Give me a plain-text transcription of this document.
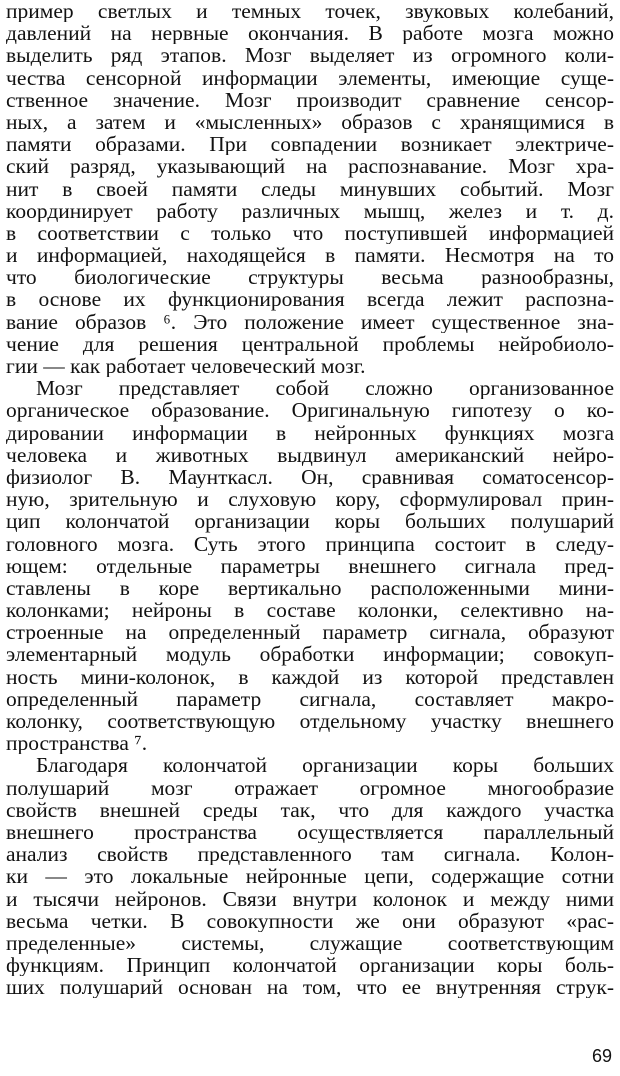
пример светлых и темных точек, звуковых колебаний,
давлений на нервные окончания. В работе мозга можно
выделить ряд этапов. Мозг выделяет из огромного коли-
чества сенсорной информации элементы, имеющие суще-
ственное значение. Мозг производит сравнение сенсор-
ных, а затем и «мысленных» образов с хранящимися в
памяти образами. При совпадении возникает электриче-
ский разряд, указывающий на распознавание. Мозг хра-
нит в своей памяти следы минувших событий. Мозг
координирует работу различных мышц, желез и т. д.
в соответствии с только что поступившей информацией
и информацией, находящейся в памяти. Несмотря на то
что биологические структуры весьма разнообразны,
в основе их функционирования всегда лежит распозна-
вание образов ⁶. Это положение имеет существенное зна-
чение для решения центральной проблемы нейробиоло-
гии — как работает человеческий мозг.
Мозг представляет собой сложно организованное
органическое образование. Оригинальную гипотезу о ко-
дировании информации в нейронных функциях мозга
человека и животных выдвинул американский нейро-
физиолог В. Маунткасл. Он, сравнивая соматосенсор-
ную, зрительную и слуховую кору, сформулировал прин-
цип колончатой организации коры больших полушарий
головного мозга. Суть этого принципа состоит в следу-
ющем: отдельные параметры внешнего сигнала пред-
ставлены в коре вертикально расположенными мини-
колонками; нейроны в составе колонки, селективно на-
строенные на определенный параметр сигнала, образуют
элементарный модуль обработки информации; совокуп-
ность мини-колонок, в каждой из которой представлен
определенный параметр сигнала, составляет макро-
колонку, соответствующую отдельному участку внешнего
пространства ⁷.
Благодаря колончатой организации коры больших
полушарий мозг отражает огромное многообразие
свойств внешней среды так, что для каждого участка
внешнего пространства осуществляется параллельный
анализ свойств представленного там сигнала. Колон-
ки — это локальные нейронные цепи, содержащие сотни
и тысячи нейронов. Связи внутри колонок и между ними
весьма четки. В совокупности же они образуют «рас-
пределенные» системы, служащие соответствующим
функциям. Принцип колончатой организации коры боль-
ших полушарий основан на том, что ее внутренняя струк-
69
